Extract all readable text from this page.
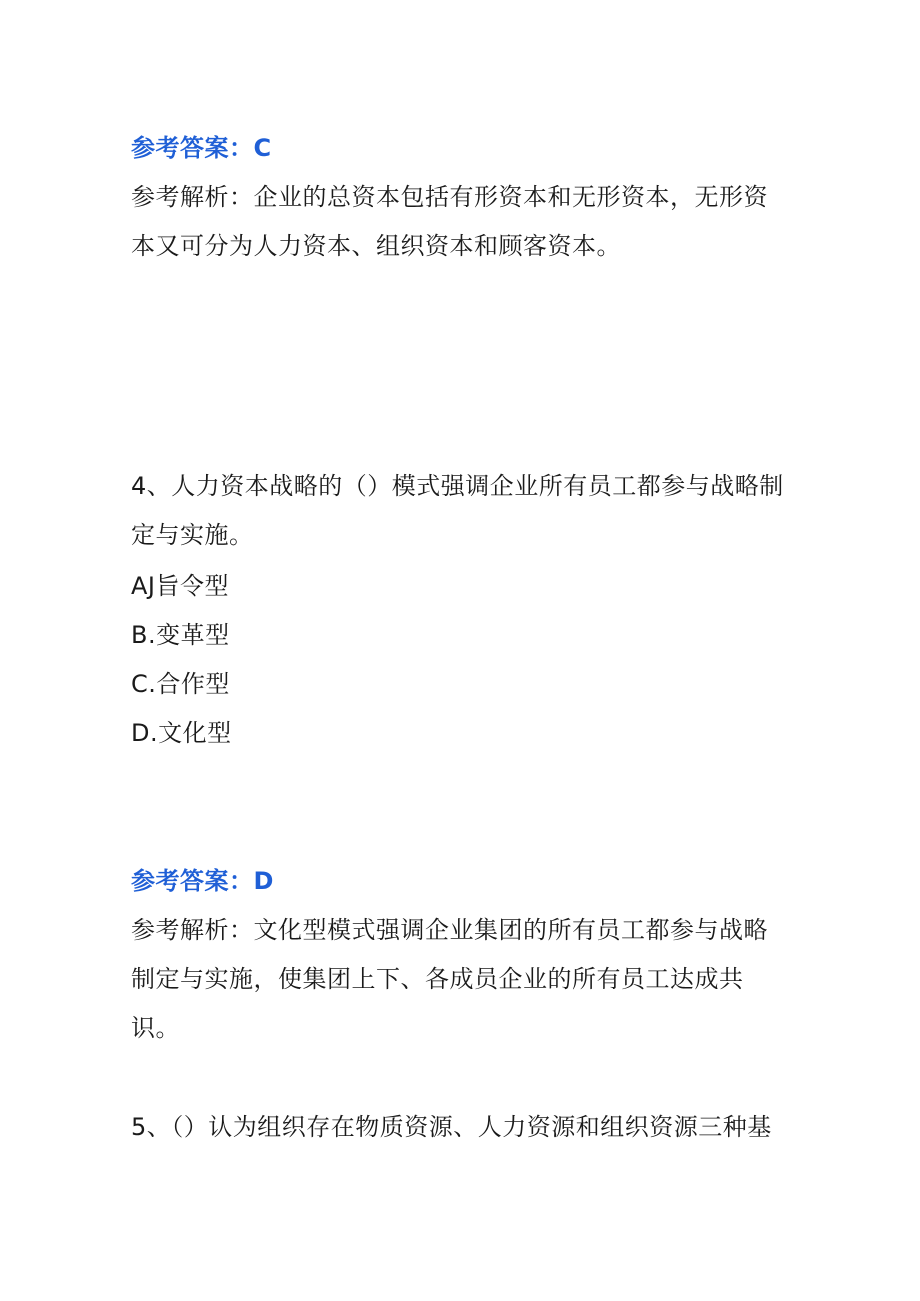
参考答案：C
参考解析：企业的总资本包括有形资本和无形资本，无形资
本又可分为人力资本、组织资本和顾客资本。
4、人力资本战略的（）模式强调企业所有员工都参与战略制
定与实施。
AJ旨令型
B.变革型
C.合作型
D.文化型
参考答案：D
参考解析：文化型模式强调企业集团的所有员工都参与战略
制定与实施，使集团上下、各成员企业的所有员工达成共
识。
5、（）认为组织存在物质资源、人力资源和组织资源三种基
